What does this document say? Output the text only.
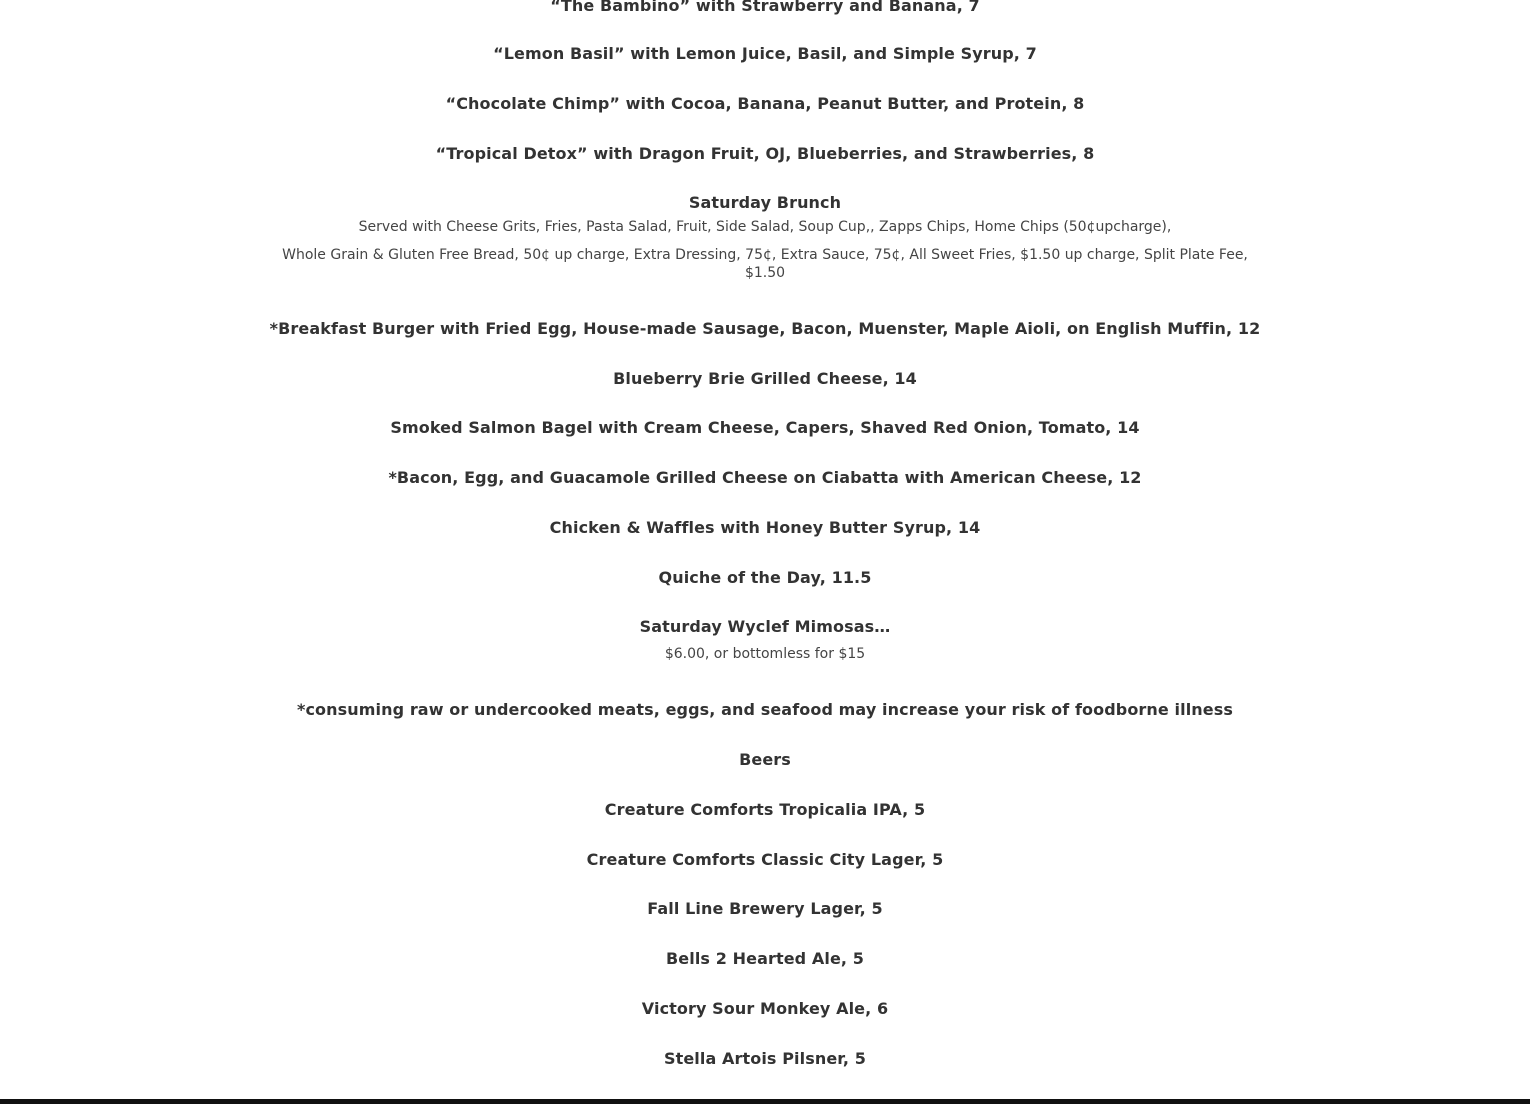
“The Bambino” with Strawberry and Banana, 7
“Lemon Basil” with Lemon Juice, Basil, and Simple Syrup, 7
“Chocolate Chimp” with Cocoa, Banana, Peanut Butter, and Protein, 8
“Tropical Detox” with Dragon Fruit, OJ, Blueberries, and Strawberries, 8
Saturday Brunch
Served with Cheese Grits, Fries, Pasta Salad, Fruit, Side Salad, Soup Cup,, Zapps Chips, Home Chips (50¢upcharge),
Whole Grain & Gluten Free Bread, 50¢ up charge, Extra Dressing, 75¢, Extra Sauce, 75¢, All Sweet Fries, $1.50 up charge, Split Plate Fee, $1.50
*Breakfast Burger with Fried Egg, House-made Sausage, Bacon, Muenster, Maple Aioli, on English Muffin, 12
Blueberry Brie Grilled Cheese, 14
Smoked Salmon Bagel with Cream Cheese, Capers, Shaved Red Onion, Tomato, 14
*Bacon, Egg, and Guacamole Grilled Cheese on Ciabatta with American Cheese, 12
Chicken & Waffles with Honey Butter Syrup, 14
Quiche of the Day, 11.5
Saturday Wyclef Mimosas…
$6.00, or bottomless for $15
*consuming raw or undercooked meats, eggs, and seafood may increase your risk of foodborne illness
Beers
Creature Comforts Tropicalia IPA, 5
Creature Comforts Classic City Lager, 5
Fall Line Brewery Lager, 5
Bells 2 Hearted Ale, 5
Victory Sour Monkey Ale, 6
Stella Artois Pilsner, 5
